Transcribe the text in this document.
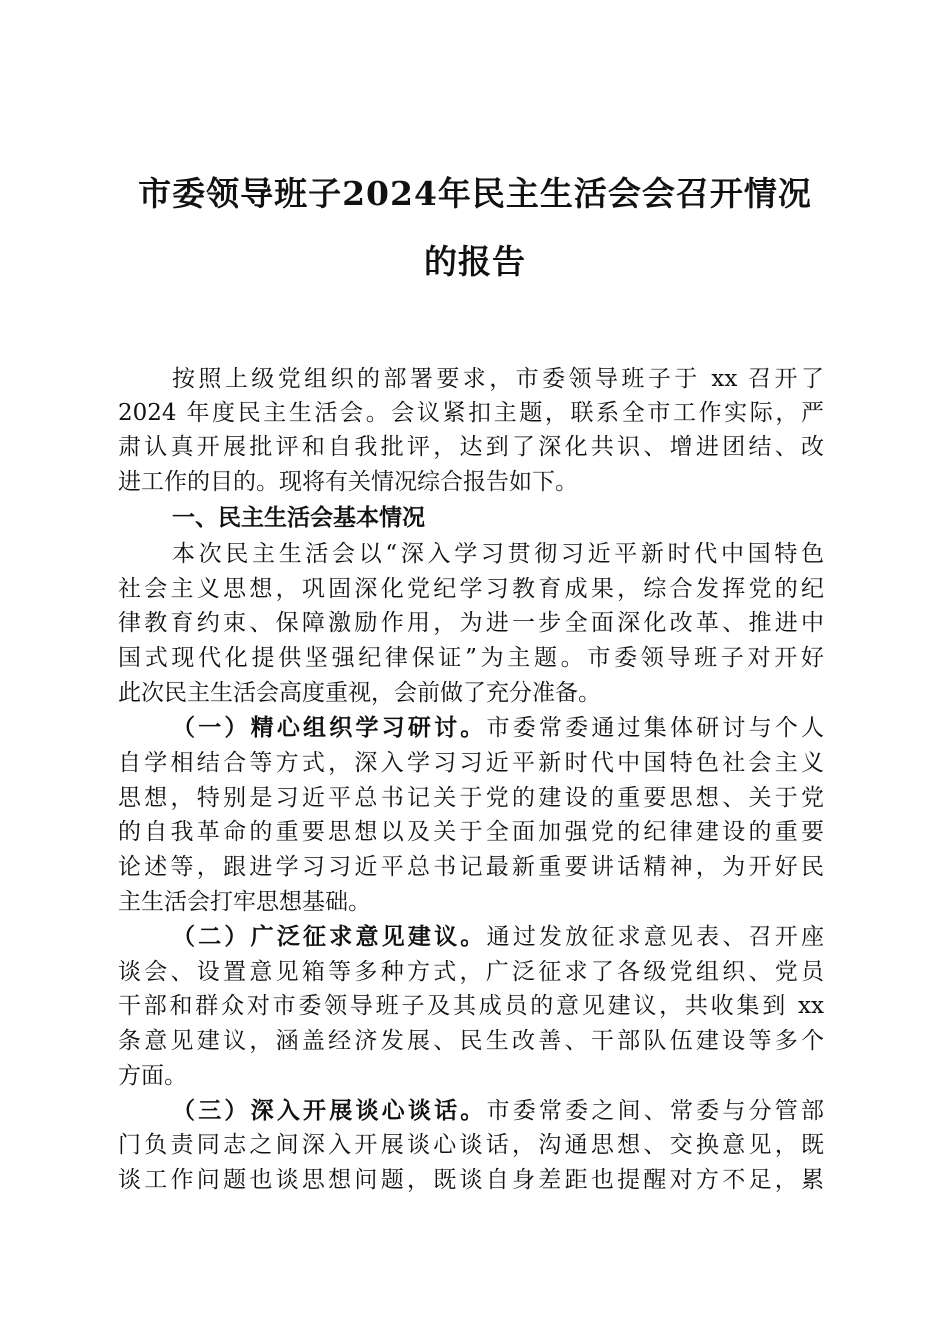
市委领导班子2024年民主生活会会召开情况
的报告
按照上级党组织的部署要求，市委领导班子于 xx 召开了
2024 年度民主生活会。会议紧扣主题，联系全市工作实际，严
肃认真开展批评和自我批评，达到了深化共识、增进团结、改
进工作的目的。现将有关情况综合报告如下。
一、民主生活会基本情况
本次民主生活会以“深入学习贯彻习近平新时代中国特色
社会主义思想，巩固深化党纪学习教育成果，综合发挥党的纪
律教育约束、保障激励作用，为进一步全面深化改革、推进中
国式现代化提供坚强纪律保证”为主题。市委领导班子对开好
此次民主生活会高度重视，会前做了充分准备。
（一）精心组织学习研讨。市委常委通过集体研讨与个人
自学相结合等方式，深入学习习近平新时代中国特色社会主义
思想，特别是习近平总书记关于党的建设的重要思想、关于党
的自我革命的重要思想以及关于全面加强党的纪律建设的重要
论述等，跟进学习习近平总书记最新重要讲话精神，为开好民
主生活会打牢思想基础。
（二）广泛征求意见建议。通过发放征求意见表、召开座
谈会、设置意见箱等多种方式，广泛征求了各级党组织、党员
干部和群众对市委领导班子及其成员的意见建议，共收集到 xx
条意见建议，涵盖经济发展、民生改善、干部队伍建设等多个
方面。
（三）深入开展谈心谈话。市委常委之间、常委与分管部
门负责同志之间深入开展谈心谈话，沟通思想、交换意见，既
谈工作问题也谈思想问题，既谈自身差距也提醒对方不足，累
